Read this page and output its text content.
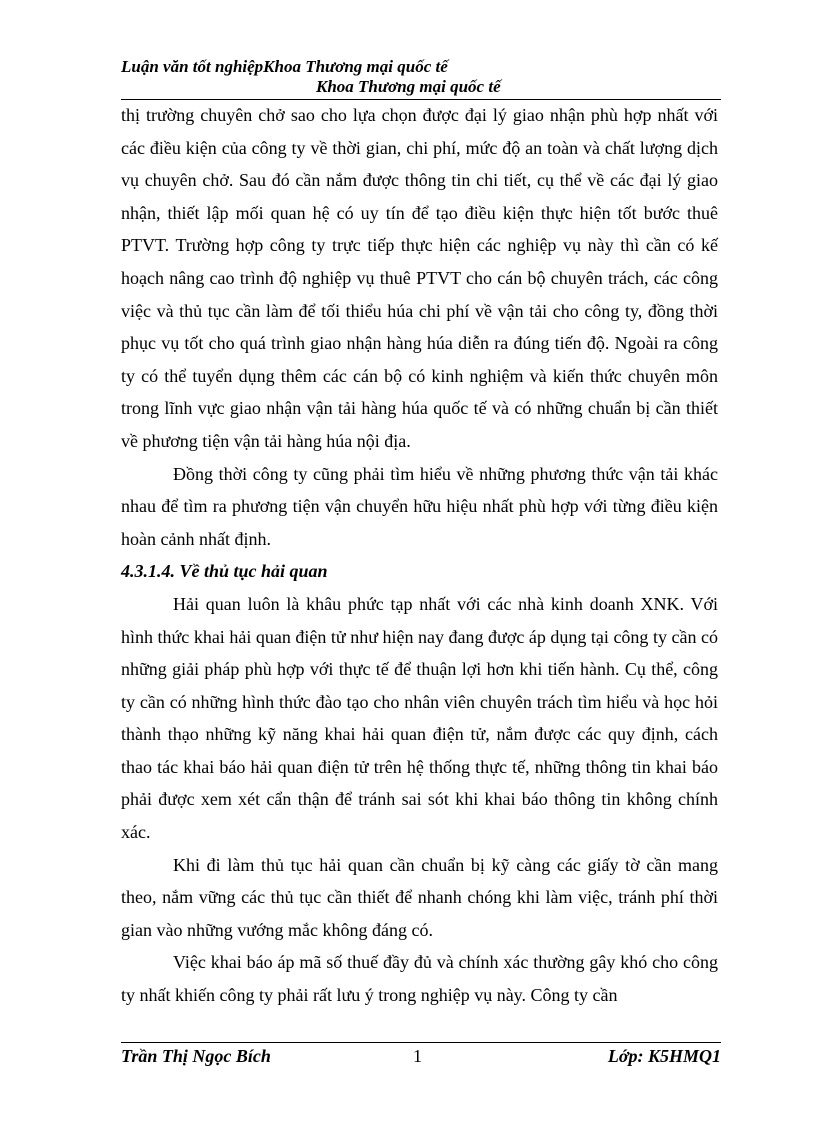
Luận văn tốt nghiệpKhoa Thương mại quốc tế
Khoa Thương mại quốc tế

thị trường chuyên chở sao cho lựa chọn được đại lý giao nhận phù hợp nhất với các điều kiện của công ty về thời gian, chi phí, mức độ an toàn và chất lượng dịch vụ chuyên chở. Sau đó cần nắm được thông tin chi tiết, cụ thể về các đại lý giao nhận, thiết lập mối quan hệ có uy tín để tạo điều kiện thực hiện tốt bước thuê PTVT. Trường hợp công ty trực tiếp thực hiện các nghiệp vụ này thì cần có kế hoạch nâng cao trình độ nghiệp vụ thuê PTVT cho cán bộ chuyên trách, các công việc và thủ tục cần làm để tối thiểu húa chi phí về vận tải cho công ty, đồng thời phục vụ tốt cho quá trình giao nhận hàng húa diễn ra đúng tiến độ. Ngoài ra công ty có thể tuyển dụng thêm các cán bộ có kinh nghiệm và kiến thức chuyên môn trong lĩnh vực giao nhận vận tải hàng húa quốc tế và có những chuẩn bị cần thiết về phương tiện vận tải hàng húa nội địa.

Đồng thời công ty cũng phải tìm hiểu về những phương thức vận tải khác nhau để tìm ra phương tiện vận chuyển hữu hiệu nhất phù hợp với từng điều kiện hoàn cảnh nhất định.

4.3.1.4. Về thủ tục hải quan

Hải quan luôn là khâu phức tạp nhất với các nhà kinh doanh XNK. Với hình thức khai hải quan điện tử như hiện nay đang được áp dụng tại công ty cần có những giải pháp phù hợp với thực tế để thuận lợi hơn khi tiến hành. Cụ thể, công ty cần có những hình thức đào tạo cho nhân viên chuyên trách tìm hiểu và học hỏi thành thạo những kỹ năng khai hải quan điện tử, nắm được các quy định, cách thao tác khai báo hải quan điện tử trên hệ thống thực tế, những thông tin khai báo phải được xem xét cẩn thận để tránh sai sót khi khai báo thông tin không chính xác.

Khi đi làm thủ tục hải quan cần chuẩn bị kỹ càng các giấy tờ cần mang theo, nắm vững các thủ tục cần thiết để nhanh chóng khi làm việc, tránh phí thời gian vào những vướng mắc không đáng có.

Việc khai báo áp mã số thuế đầy đủ và chính xác thường gây khó cho công ty nhất khiến công ty phải rất lưu ý trong nghiệp vụ này. Công ty cần

Trần Thị Ngọc Bích	1	Lớp: K5HMQ1
